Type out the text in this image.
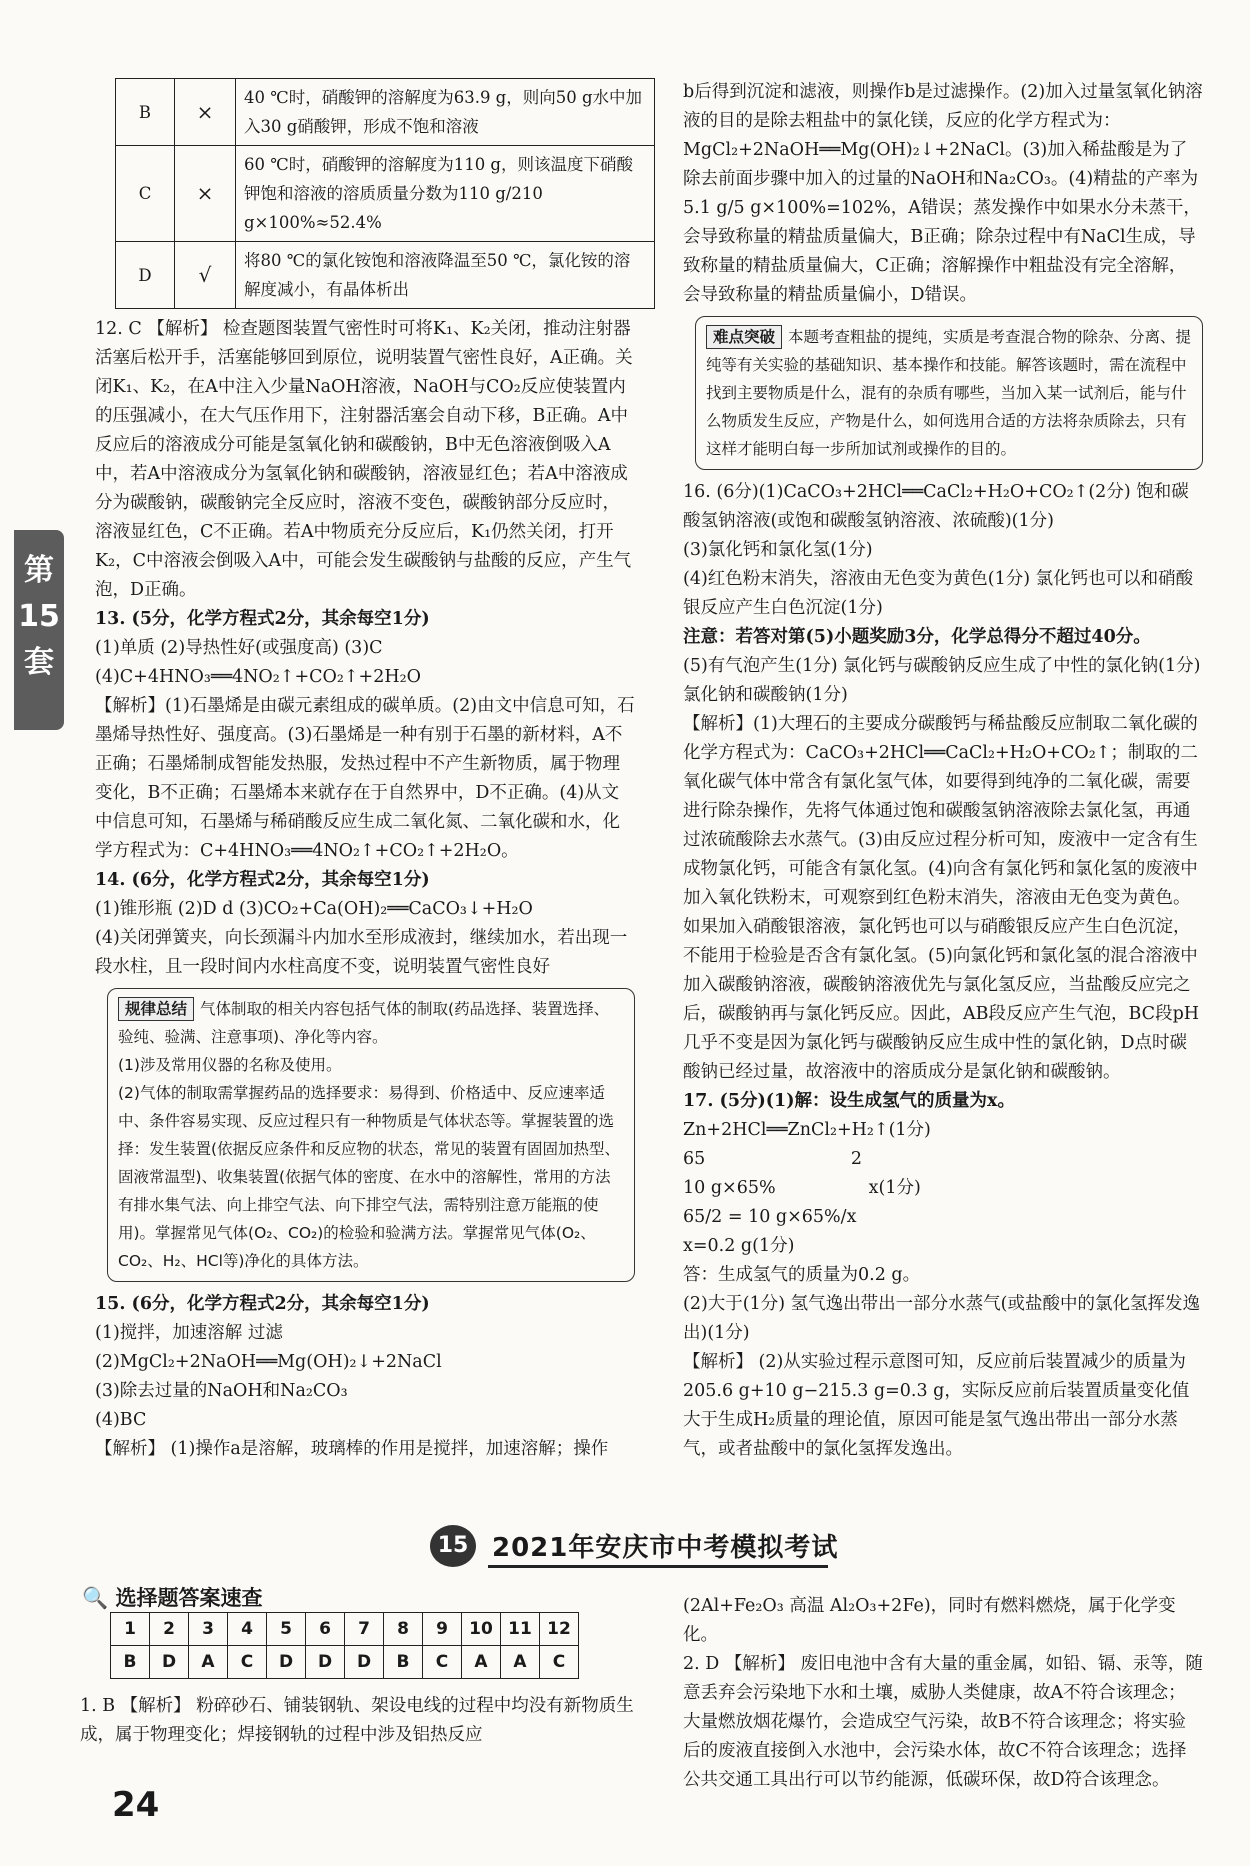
第15套
B	×	40 ℃时，硝酸钾的溶解度为63.9 g，则向50 g水中加入30 g硝酸钾，形成不饱和溶液
C	×	60 ℃时，硝酸钾的溶解度为110 g，则该温度下硝酸钾饱和溶液的溶质质量分数为110 g/210 g×100%≈52.4%
D	√	将80 ℃的氯化铵饱和溶液降温至50 ℃，氯化铵的溶解度减小，有晶体析出

12. C 【解析】 检查题图装置气密性时可将K₁、K₂关闭，推动注射器活塞后松开手，活塞能够回到原位，说明装置气密性良好，A正确。关闭K₁、K₂，在A中注入少量NaOH溶液，NaOH与CO₂反应使装置内的压强减小，在大气压作用下，注射器活塞会自动下移，B正确。A中反应后的溶液成分可能是氢氧化钠和碳酸钠，B中无色溶液倒吸入A中，若A中溶液成分为氢氧化钠和碳酸钠，溶液显红色；若A中溶液成分为碳酸钠，碳酸钠完全反应时，溶液不变色，碳酸钠部分反应时，溶液显红色，C不正确。若A中物质充分反应后，K₁仍然关闭，打开K₂，C中溶液会倒吸入A中，可能会发生碳酸钠与盐酸的反应，产生气泡，D正确。

13. (5分，化学方程式2分，其余每空1分)

(1)单质 (2)导热性好(或强度高) (3)C (4)C+4HNO₃══4NO₂↑+CO₂↑+2H₂O

【解析】(1)石墨烯是由碳元素组成的碳单质。(2)由文中信息可知，石墨烯导热性好、强度高。(3)石墨烯是一种有别于石墨的新材料，A不正确；石墨烯制成智能发热服，发热过程中不产生新物质，属于物理变化，B不正确；石墨烯本来就存在于自然界中，D不正确。(4)从文中信息可知，石墨烯与稀硝酸反应生成二氧化氮、二氧化碳和水，化学方程式为：C+4HNO₃══4NO₂↑+CO₂↑+2H₂O。

14. (6分，化学方程式2分，其余每空1分)

(1)锥形瓶 (2)D d (3)CO₂+Ca(OH)₂══CaCO₃↓+H₂O

(4)关闭弹簧夹，向长颈漏斗内加水至形成液封，继续加水，若出现一段水柱，且一段时间内水柱高度不变，说明装置气密性良好

规律总结 气体制取的相关内容包括气体的制取(药品选择、装置选择、验纯、验满、注意事项)、净化等内容。

(1)涉及常用仪器的名称及使用。

(2)气体的制取需掌握药品的选择要求：易得到、价格适中、反应速率适中、条件容易实现、反应过程只有一种物质是气体状态等。掌握装置的选择：发生装置(依据反应条件和反应物的状态，常见的装置有固固加热型、固液常温型)、收集装置(依据气体的密度、在水中的溶解性，常用的方法有排水集气法、向上排空气法、向下排空气法，需特别注意万能瓶的使用)。掌握常见气体(O₂、CO₂)的检验和验满方法。掌握常见气体(O₂、CO₂、H₂、HCl等)净化的具体方法。

15. (6分，化学方程式2分，其余每空1分)

(1)搅拌，加速溶解 过滤

(2)MgCl₂+2NaOH══Mg(OH)₂↓+2NaCl

(3)除去过量的NaOH和Na₂CO₃

(4)BC

【解析】 (1)操作a是溶解，玻璃棒的作用是搅拌，加速溶解；操作

b后得到沉淀和滤液，则操作b是过滤操作。(2)加入过量氢氧化钠溶液的目的是除去粗盐中的氯化镁，反应的化学方程式为：MgCl₂+2NaOH══Mg(OH)₂↓+2NaCl。(3)加入稀盐酸是为了除去前面步骤中加入的过量的NaOH和Na₂CO₃。(4)精盐的产率为5.1 g/5 g×100%=102%，A错误；蒸发操作中如果水分未蒸干，会导致称量的精盐质量偏大，B正确；除杂过程中有NaCl生成，导致称量的精盐质量偏大，C正确；溶解操作中粗盐没有完全溶解，会导致称量的精盐质量偏小，D错误。

难点突破 本题考查粗盐的提纯，实质是考查混合物的除杂、分离、提纯等有关实验的基础知识、基本操作和技能。解答该题时，需在流程中找到主要物质是什么，混有的杂质有哪些，当加入某一试剂后，能与什么物质发生反应，产物是什么，如何选用合适的方法将杂质除去，只有这样才能明白每一步所加试剂或操作的目的。

16. (6分)(1)CaCO₃+2HCl══CaCl₂+H₂O+CO₂↑(2分) 饱和碳酸氢钠溶液(或饱和碳酸氢钠溶液、浓硫酸)(1分)

(3)氯化钙和氯化氢(1分)

(4)红色粉末消失，溶液由无色变为黄色(1分) 氯化钙也可以和硝酸银反应产生白色沉淀(1分)

注意：若答对第(5)小题奖励3分，化学总得分不超过40分。

(5)有气泡产生(1分) 氯化钙与碳酸钠反应生成了中性的氯化钠(1分) 氯化钠和碳酸钠(1分)

【解析】(1)大理石的主要成分碳酸钙与稀盐酸反应制取二氧化碳的化学方程式为：CaCO₃+2HCl══CaCl₂+H₂O+CO₂↑；制取的二氧化碳气体中常含有氯化氢气体，如要得到纯净的二氧化碳，需要进行除杂操作，先将气体通过饱和碳酸氢钠溶液除去氯化氢，再通过浓硫酸除去水蒸气。(3)由反应过程分析可知，废液中一定含有生成物氯化钙，可能含有氯化氢。(4)向含有氯化钙和氯化氢的废液中加入氧化铁粉末，可观察到红色粉末消失，溶液由无色变为黄色。如果加入硝酸银溶液，氯化钙也可以与硝酸银反应产生白色沉淀，不能用于检验是否含有氯化氢。(5)向氯化钙和氯化氢的混合溶液中加入碳酸钠溶液，碳酸钠溶液优先与氯化氢反应，当盐酸反应完之后，碳酸钠再与氯化钙反应。因此，AB段反应产生气泡，BC段pH几乎不变是因为氯化钙与碳酸钠反应生成中性的氯化钠，D点时碳酸钠已经过量，故溶液中的溶质成分是氯化钠和碳酸钠。

17. (5分)(1)解：设生成氢气的质量为x。

Zn+2HCl══ZnCl₂+H₂↑(1分)

65 　　　　　　　　2

10 g×65% 　　　　　x(1分)

65/2 = 10 g×65%/x

x=0.2 g(1分)

答：生成氢气的质量为0.2 g。

(2)大于(1分) 氢气逸出带出一部分水蒸气(或盐酸中的氯化氢挥发逸出)(1分)

【解析】 (2)从实验过程示意图可知，反应前后装置减少的质量为205.6 g+10 g−215.3 g=0.3 g，实际反应前后装置质量变化值大于生成H₂质量的理论值，原因可能是氢气逸出带出一部分水蒸气，或者盐酸中的氯化氢挥发逸出。

15 2021年安庆市中考模拟考试
🔍 选择题答案速查
1	2	3	4	5	6	7	8	9	10	11	12
B	D	A	C	D	D	D	B	C	A	A	C

1. B 【解析】 粉碎砂石、铺装钢轨、架设电线的过程中均没有新物质生成，属于物理变化；焊接钢轨的过程中涉及铝热反应

(2Al+Fe₂O₃ 高温 Al₂O₃+2Fe)，同时有燃料燃烧，属于化学变化。

2. D 【解析】 废旧电池中含有大量的重金属，如铅、镉、汞等，随意丢弃会污染地下水和土壤，威胁人类健康，故A不符合该理念；大量燃放烟花爆竹，会造成空气污染，故B不符合该理念；将实验后的废液直接倒入水池中，会污染水体，故C不符合该理念；选择公共交通工具出行可以节约能源，低碳环保，故D符合该理念。

24
